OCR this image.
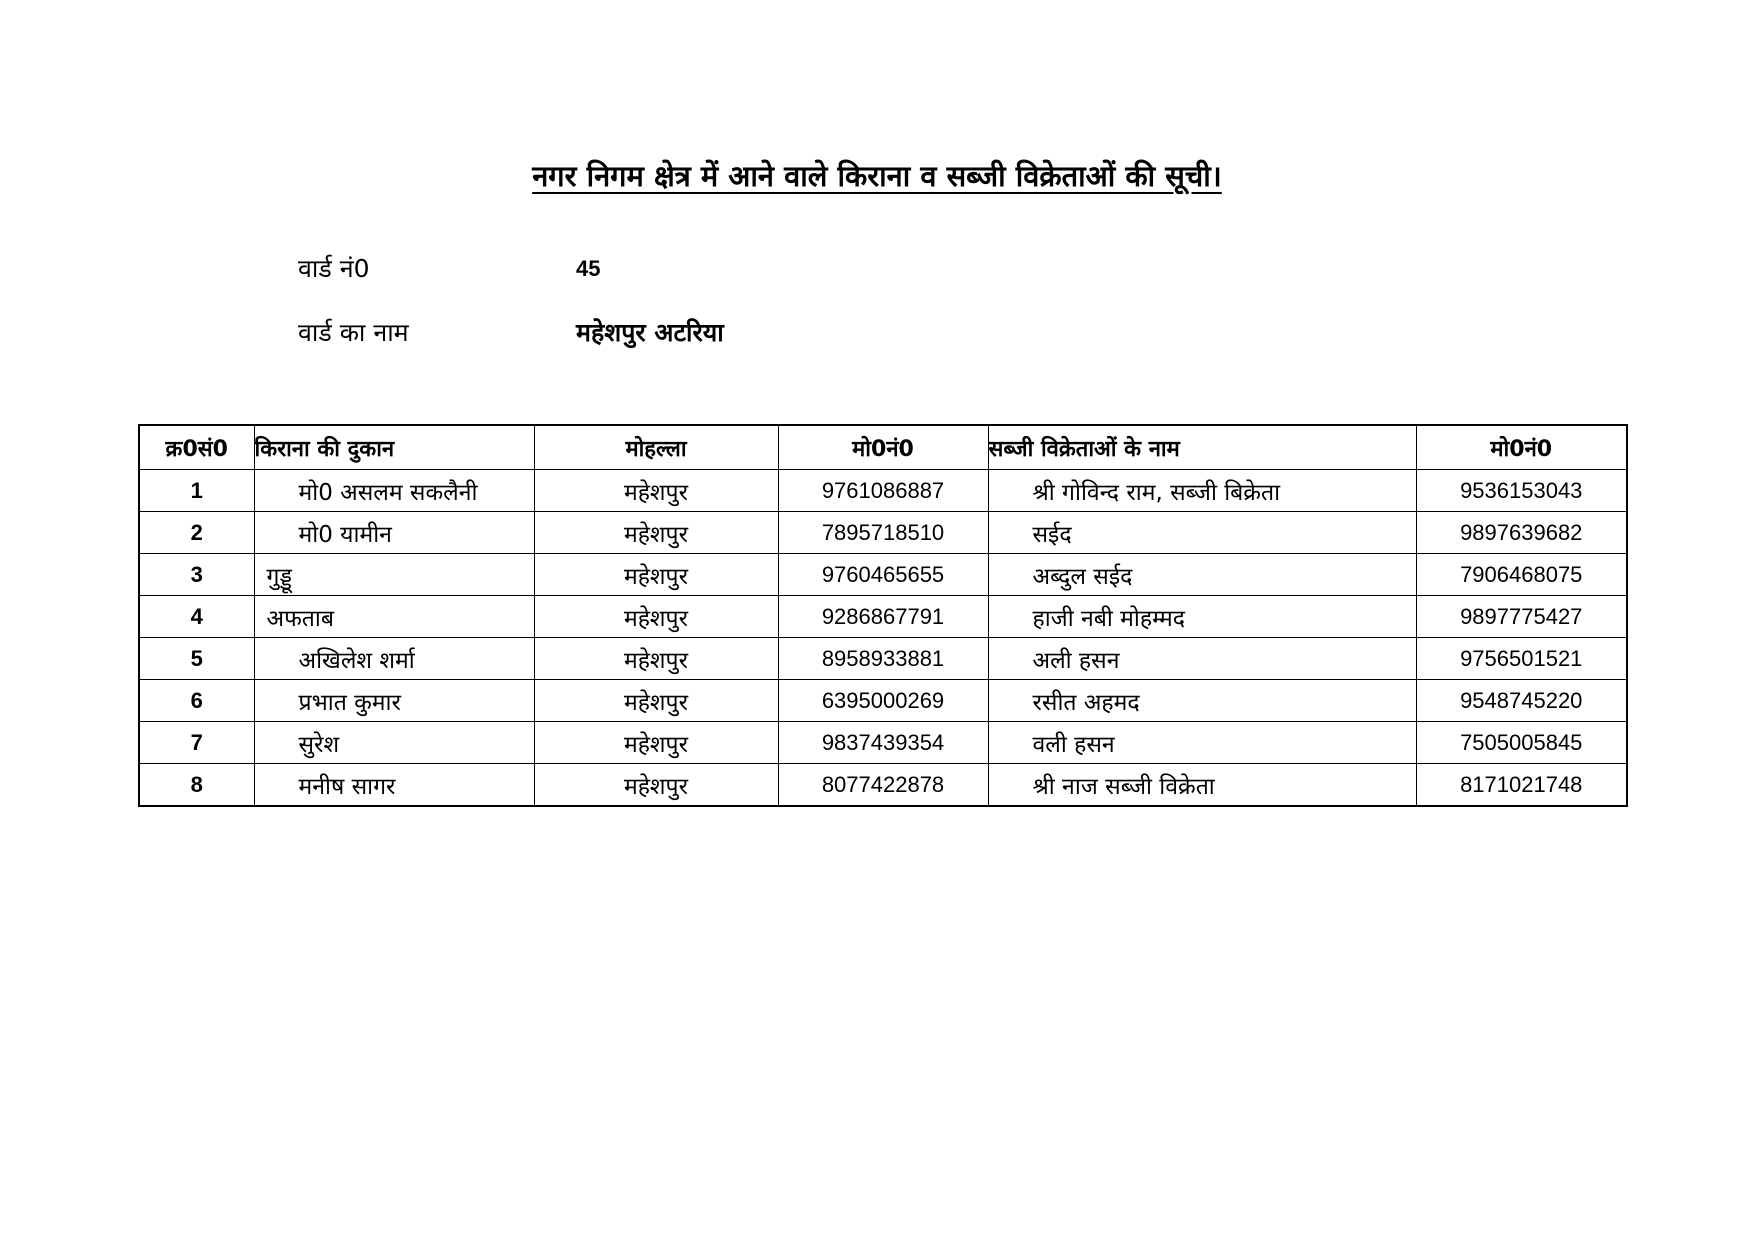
नगर निगम क्षेत्र में आने वाले किराना व सब्जी विक्रेताओं की सूची।
वार्ड नं0	45
वार्ड का नाम	महेशपुर अटरिया
क्र0सं0	किराना की दुकान	मोहल्ला	मो0नं0	सब्जी विक्रेताओं के नाम	मो0नं0
1	मो0 असलम सकलैनी	महेशपुर	9761086887	श्री गोविन्द राम, सब्जी बिक्रेता	9536153043
2	मो0 यामीन	महेशपुर	7895718510	सईद	9897639682
3	गुड्डू	महेशपुर	9760465655	अब्दुल सईद	7906468075
4	अफताब	महेशपुर	9286867791	हाजी नबी मोहम्मद	9897775427
5	अखिलेश शर्मा	महेशपुर	8958933881	अली हसन	9756501521
6	प्रभात कुमार	महेशपुर	6395000269	रसीत अहमद	9548745220
7	सुरेश	महेशपुर	9837439354	वली हसन	7505005845
8	मनीष सागर	महेशपुर	8077422878	श्री नाज सब्जी विक्रेता	8171021748
